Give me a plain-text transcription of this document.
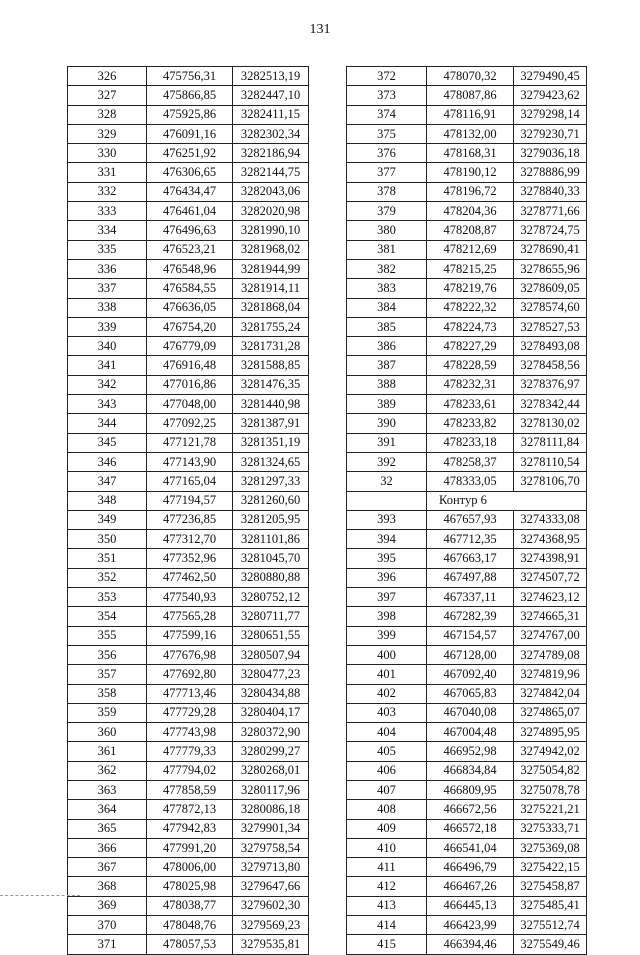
131
326	475756,31	3282513,19
327	475866,85	3282447,10
328	475925,86	3282411,15
329	476091,16	3282302,34
330	476251,92	3282186,94
331	476306,65	3282144,75
332	476434,47	3282043,06
333	476461,04	3282020,98
334	476496,63	3281990,10
335	476523,21	3281968,02
336	476548,96	3281944,99
337	476584,55	3281914,11
338	476636,05	3281868,04
339	476754,20	3281755,24
340	476779,09	3281731,28
341	476916,48	3281588,85
342	477016,86	3281476,35
343	477048,00	3281440,98
344	477092,25	3281387,91
345	477121,78	3281351,19
346	477143,90	3281324,65
347	477165,04	3281297,33
348	477194,57	3281260,60
349	477236,85	3281205,95
350	477312,70	3281101,86
351	477352,96	3281045,70
352	477462,50	3280880,88
353	477540,93	3280752,12
354	477565,28	3280711,77
355	477599,16	3280651,55
356	477676,98	3280507,94
357	477692,80	3280477,23
358	477713,46	3280434,88
359	477729,28	3280404,17
360	477743,98	3280372,90
361	477779,33	3280299,27
362	477794,02	3280268,01
363	477858,59	3280117,96
364	477872,13	3280086,18
365	477942,83	3279901,34
366	477991,20	3279758,54
367	478006,00	3279713,80
368	478025,98	3279647,66
369	478038,77	3279602,30
370	478048,76	3279569,23
371	478057,53	3279535,81
372	478070,32	3279490,45
373	478087,86	3279423,62
374	478116,91	3279298,14
375	478132,00	3279230,71
376	478168,31	3279036,18
377	478190,12	3278886,99
378	478196,72	3278840,33
379	478204,36	3278771,66
380	478208,87	3278724,75
381	478212,69	3278690,41
382	478215,25	3278655,96
383	478219,76	3278609,05
384	478222,32	3278574,60
385	478224,73	3278527,53
386	478227,29	3278493,08
387	478228,59	3278458,56
388	478232,31	3278376,97
389	478233,61	3278342,44
390	478233,82	3278130,02
391	478233,18	3278111,84
392	478258,37	3278110,54
32	478333,05	3278106,70
	Контур 6	
393	467657,93	3274333,08
394	467712,35	3274368,95
395	467663,17	3274398,91
396	467497,88	3274507,72
397	467337,11	3274623,12
398	467282,39	3274665,31
399	467154,57	3274767,00
400	467128,00	3274789,08
401	467092,40	3274819,96
402	467065,83	3274842,04
403	467040,08	3274865,07
404	467004,48	3274895,95
405	466952,98	3274942,02
406	466834,84	3275054,82
407	466809,95	3275078,78
408	466672,56	3275221,21
409	466572,18	3275333,71
410	466541,04	3275369,08
411	466496,79	3275422,15
412	466467,26	3275458,87
413	466445,13	3275485,41
414	466423,99	3275512,74
415	466394,46	3275549,46
